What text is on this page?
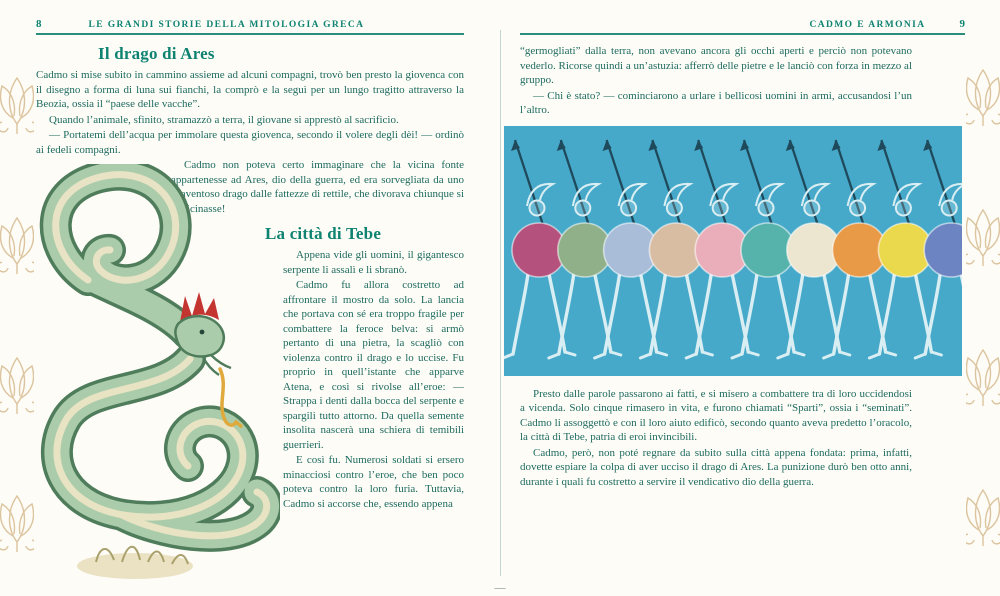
—
8	LE GRANDI STORIE DELLA MITOLOGIA GRECA
Il drago di Ares

Cadmo si mise subito in cammino assieme ad alcuni compagni, trovò ben presto la giovenca con il disegno a forma di luna sui fianchi, la comprò e la seguì per un lungo tragitto attraverso la Beozia, ossia il “paese delle vacche”.

Quando l’animale, sfinito, stramazzò a terra, il giovane si apprestò al sacrificio.

— Portatemi dell’acqua per immolare questa giovenca, secondo il volere degli dèi! — ordinò ai fedeli compagni.

Cadmo non poteva certo immaginare che la vicina fonte appartenesse ad Ares, dio della guerra, ed era sorvegliata da uno spaventoso drago dalle fattezze di rettile, che divorava chiunque si avvicinasse!

La città di Tebe

Appena vide gli uomini, il gigantesco serpente li assalì e li sbranò.

Cadmo fu allora costretto ad affrontare il mostro da solo. La lancia che portava con sé era troppo fragile per combattere la feroce belva: si armò pertanto di una pietra, la scagliò con violenza contro il drago e lo uccise. Fu proprio in quell’istante che apparve Atena, e così si rivolse all’eroe: — Strappa i denti dalla bocca del serpente e spargili tutto attorno. Da quella semente insolita nascerà una schiera di temibili guerrieri.

E così fu. Numerosi soldati si ersero minacciosi contro l’eroe, che ben poco poteva contro la loro furia. Tuttavia, Cadmo si accorse che, essendo appena

CADMO E ARMONIA	9

“germogliati” dalla terra, non avevano ancora gli occhi aperti e perciò non potevano vederlo. Ricorse quindi a un’astuzia: afferrò delle pietre e le lanciò con forza in mezzo al gruppo.

— Chi è stato? — cominciarono a urlare i bellicosi uomini in armi, accusandosi l’un l’altro.

Presto dalle parole passarono ai fatti, e si misero a combattere tra di loro uccidendosi a vicenda. Solo cinque rimasero in vita, e furono chiamati “Sparti”, ossia i “seminati”. Cadmo li assoggettò e con il loro aiuto edificò, secondo quanto aveva predetto l’oracolo, la città di Tebe, patria di eroi invincibili.

Cadmo, però, non poté regnare da subito sulla città appena fondata: prima, infatti, dovette espiare la colpa di aver ucciso il drago di Ares. La punizione durò ben otto anni, durante i quali fu costretto a servire il vendicativo dio della guerra.
